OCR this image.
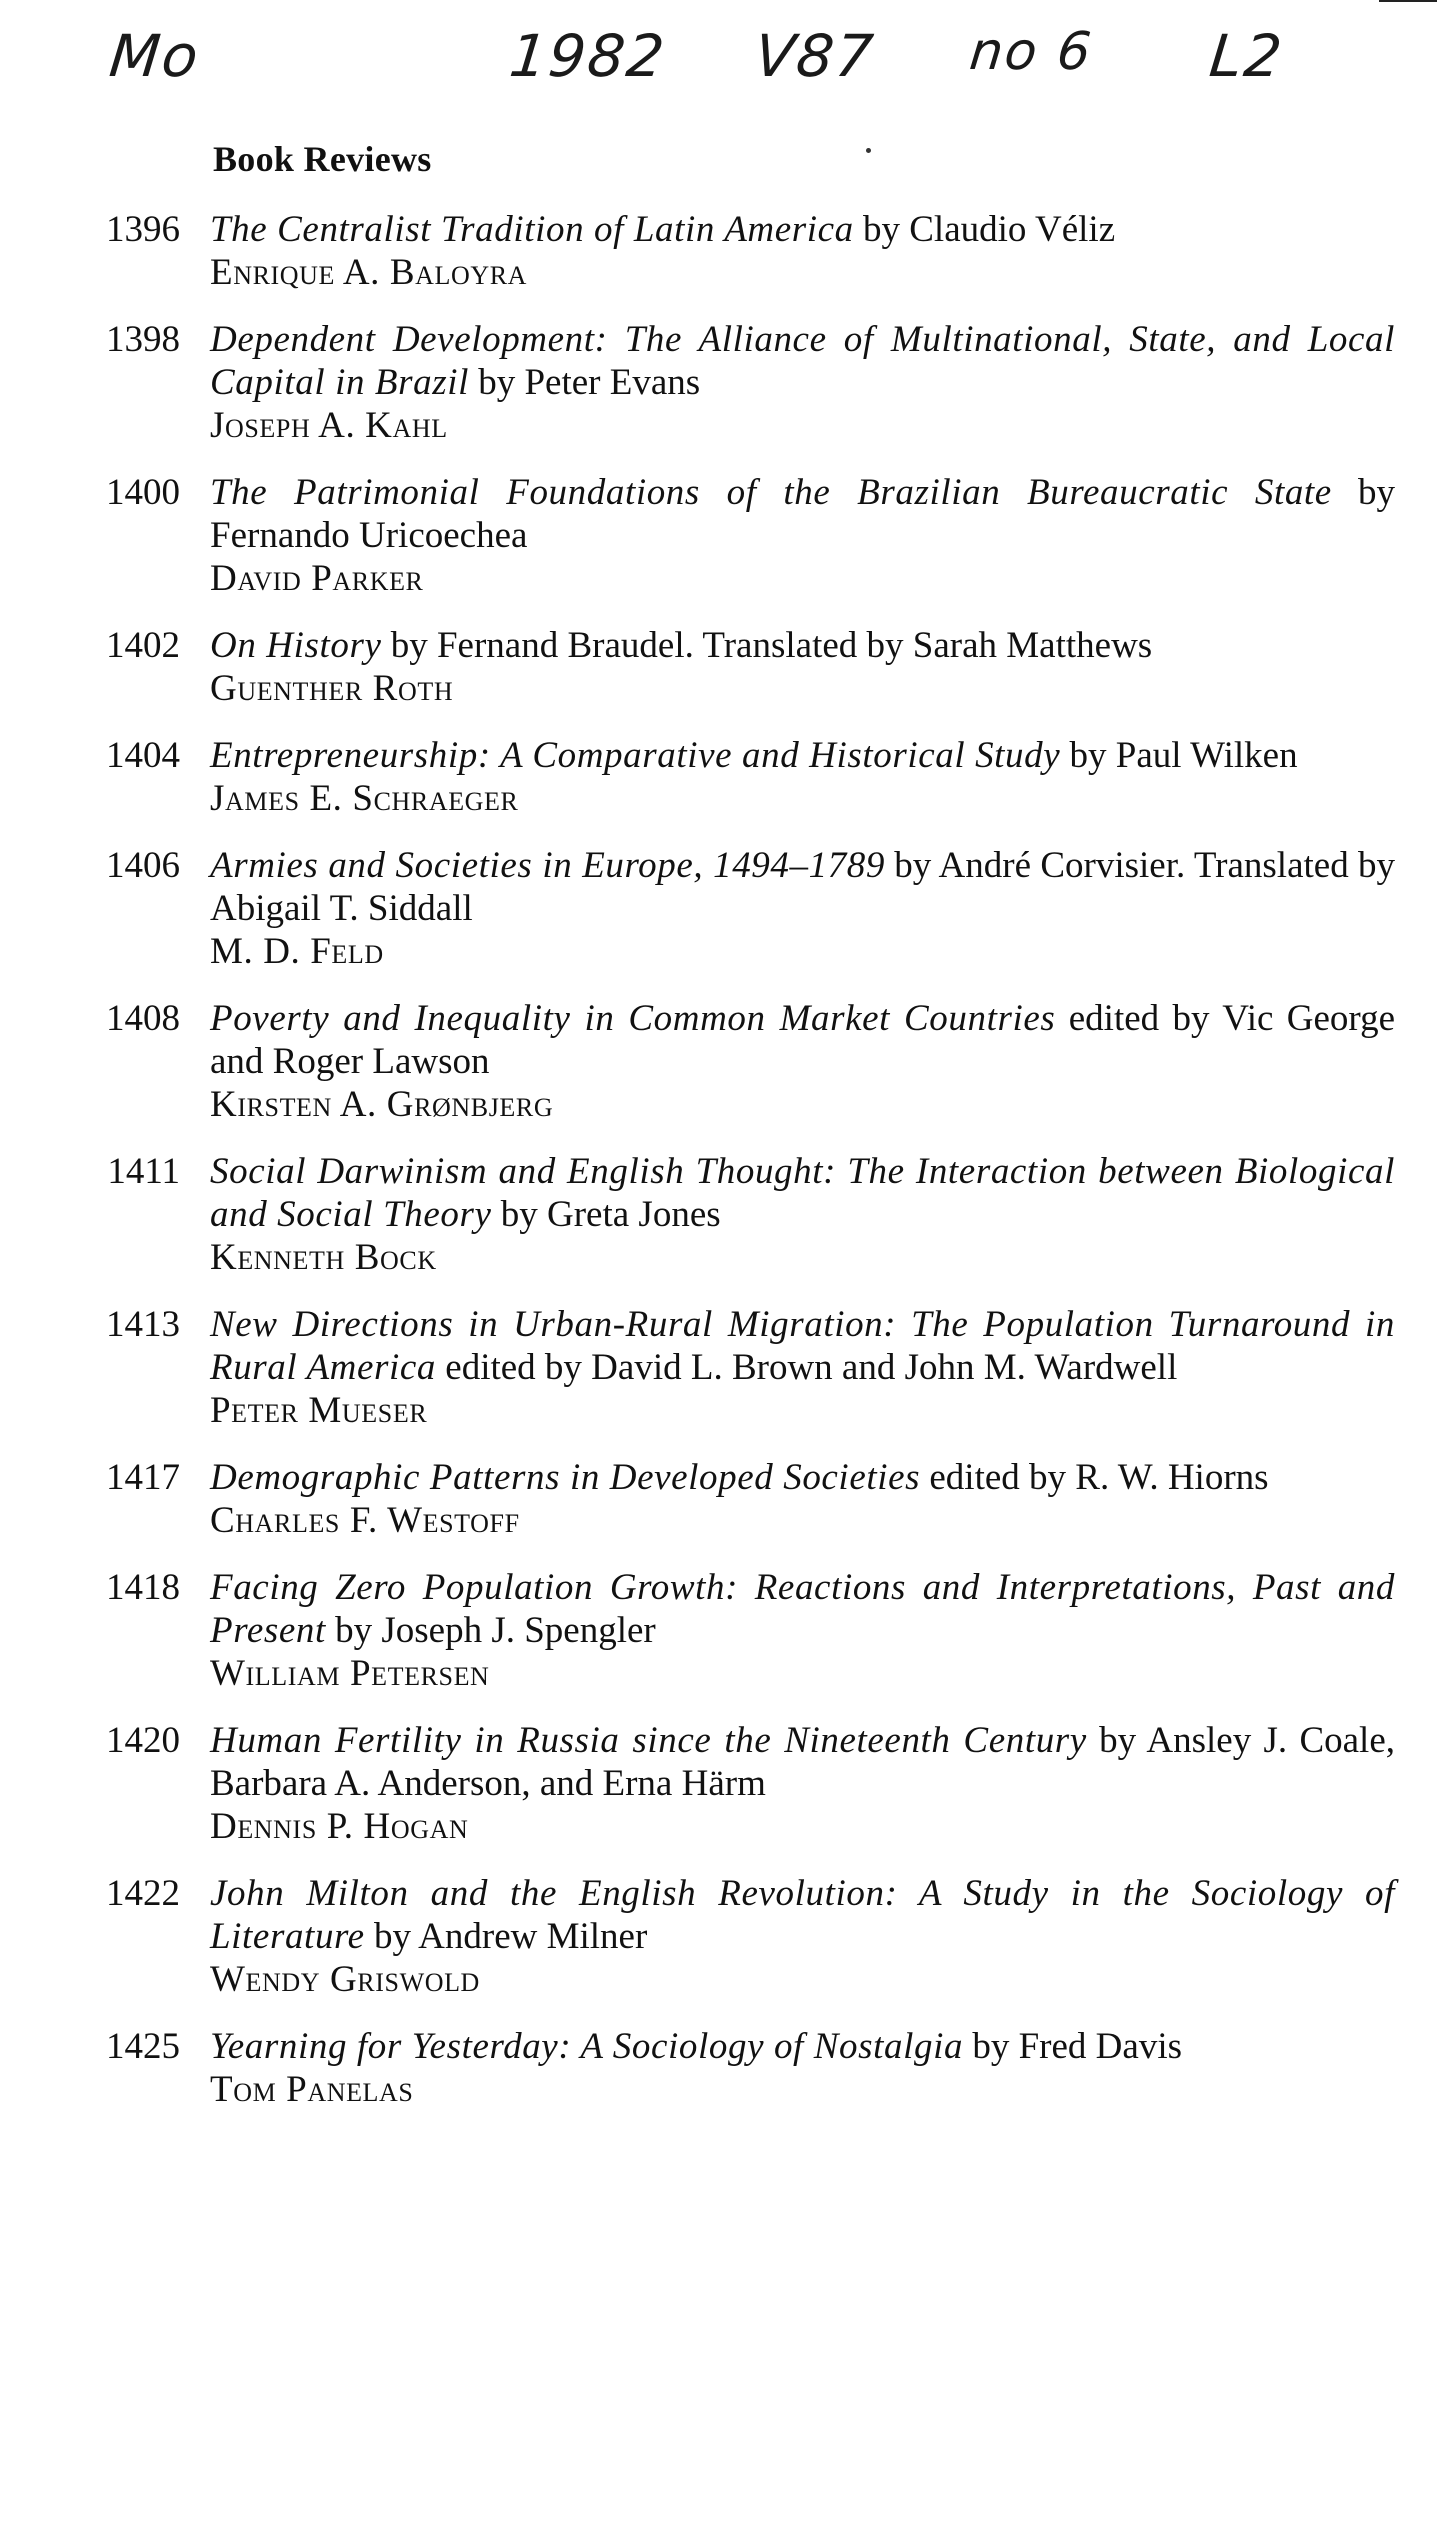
Mo	1982 V87 no 6 L2
Book Reviews
1396 The Centralist Tradition of Latin America by Claudio Véliz
Enrique A. Baloyra
1398 Dependent Development: The Alliance of Multinational, State, and Local Capital in Brazil by Peter Evans
Joseph A. Kahl
1400 The Patrimonial Foundations of the Brazilian Bureaucratic State by Fernando Uricoechea
David Parker
1402 On History by Fernand Braudel. Translated by Sarah Matthews
Guenther Roth
1404 Entrepreneurship: A Comparative and Historical Study by Paul Wilken
James E. Schraeger
1406 Armies and Societies in Europe, 1494–1789 by André Corvisier. Translated by Abigail T. Siddall
M. D. Feld
1408 Poverty and Inequality in Common Market Countries edited by Vic George and Roger Lawson
Kirsten A. Grønbjerg
1411 Social Darwinism and English Thought: The Interaction between Biological and Social Theory by Greta Jones
Kenneth Bock
1413 New Directions in Urban-Rural Migration: The Population Turnaround in Rural America edited by David L. Brown and John M. Wardwell
Peter Mueser
1417 Demographic Patterns in Developed Societies edited by R. W. Hiorns
Charles F. Westoff
1418 Facing Zero Population Growth: Reactions and Interpretations, Past and Present by Joseph J. Spengler
William Petersen
1420 Human Fertility in Russia since the Nineteenth Century by Ansley J. Coale, Barbara A. Anderson, and Erna Härm
Dennis P. Hogan
1422 John Milton and the English Revolution: A Study in the Sociology of Literature by Andrew Milner
Wendy Griswold
1425 Yearning for Yesterday: A Sociology of Nostalgia by Fred Davis
Tom Panelas
